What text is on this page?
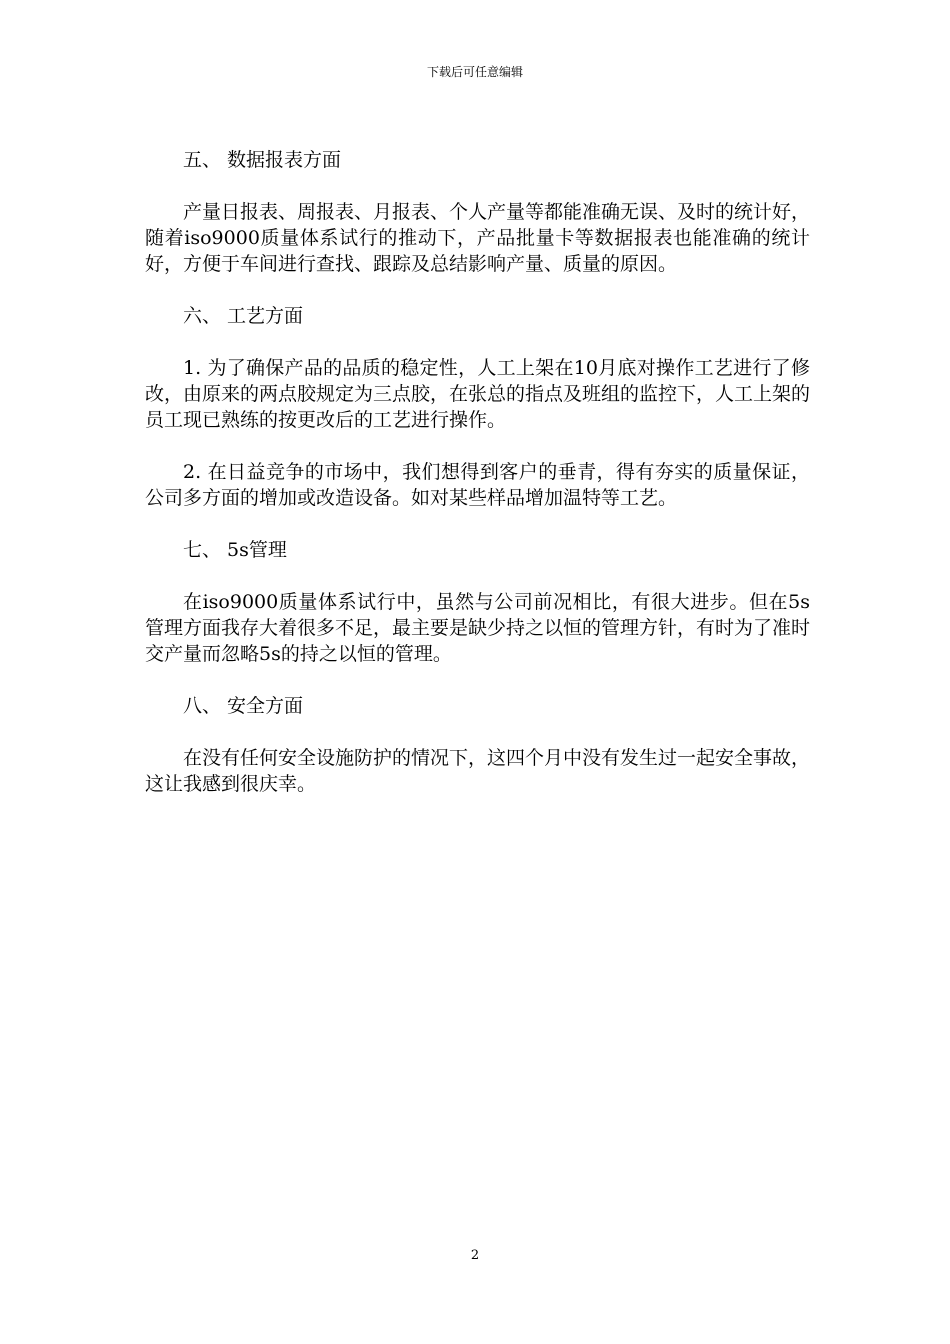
下载后可任意编辑

五、 数据报表方面

产量日报表、周报表、月报表、个人产量等都能准确无误、及时的统计好，随着iso9000质量体系试行的推动下，产品批量卡等数据报表也能准确的统计好，方便于车间进行查找、跟踪及总结影响产量、质量的原因。

六、 工艺方面

1. 为了确保产品的品质的稳定性，人工上架在10月底对操作工艺进行了修改，由原来的两点胶规定为三点胶，在张总的指点及班组的监控下，人工上架的员工现已熟练的按更改后的工艺进行操作。

2. 在日益竞争的市场中，我们想得到客户的垂青，得有夯实的质量保证，公司多方面的增加或改造设备。如对某些样品增加温特等工艺。

七、 5s管理

在iso9000质量体系试行中，虽然与公司前况相比，有很大进步。但在5s管理方面我存大着很多不足，最主要是缺少持之以恒的管理方针，有时为了准时交产量而忽略5s的持之以恒的管理。

八、 安全方面

在没有任何安全设施防护的情况下，这四个月中没有发生过一起安全事故，这让我感到很庆幸。

2
